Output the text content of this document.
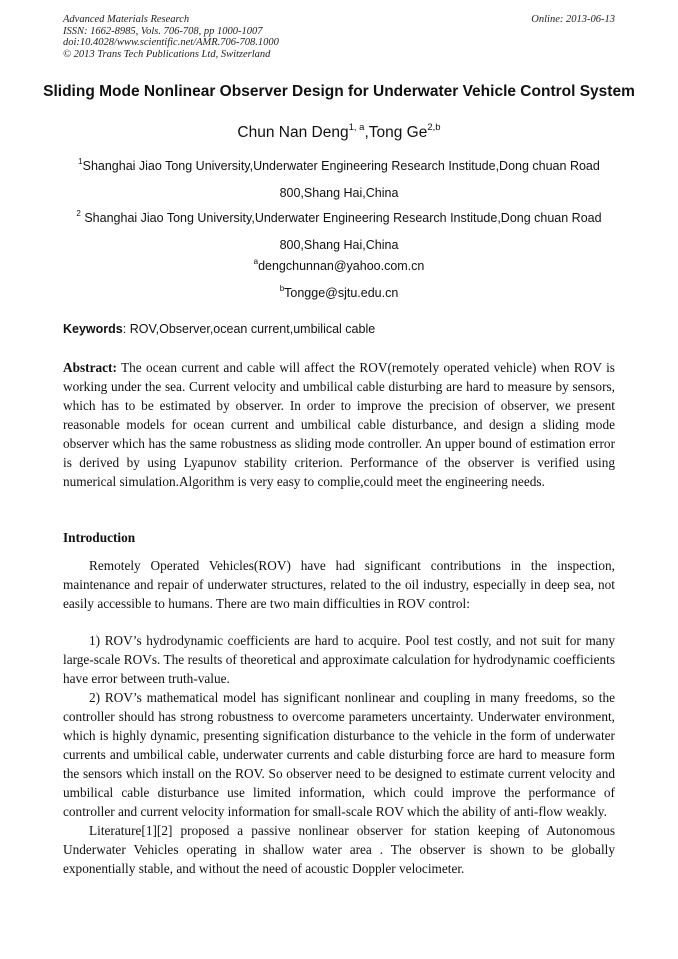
Advanced Materials Research
ISSN: 1662-8985, Vols. 706-708, pp 1000-1007
doi:10.4028/www.scientific.net/AMR.706-708.1000
© 2013 Trans Tech Publications Ltd, Switzerland
Online: 2013-06-13
Sliding Mode Nonlinear Observer Design for Underwater Vehicle Control System
Chun Nan Deng$^{1, a}$,Tong Ge$^{2,b}$
$^1$Shanghai Jiao Tong University,Underwater Engineering Research Institude,Dong chuan Road
800,Shang Hai,China
$^2$ Shanghai Jiao Tong University,Underwater Engineering Research Institude,Dong chuan Road
800,Shang Hai,China
$^a$dengchunnan@yahoo.com.cn
$^b$Tongge@sjtu.edu.cn
Keywords: ROV,Observer,ocean current,umbilical cable

Abstract: The ocean current and cable will affect the ROV(remotely operated vehicle) when ROV is working under the sea. Current velocity and umbilical cable disturbing are hard to measure by sensors, which has to be estimated by observer. In order to improve the precision of observer, we present reasonable models for ocean current and umbilical cable disturbance, and design a sliding mode observer which has the same robustness as sliding mode controller. An upper bound of estimation error is derived by using Lyapunov stability criterion. Performance of the observer is verified using numerical simulation.Algorithm is very easy to complie,could meet the engineering needs.

Introduction

Remotely Operated Vehicles(ROV) have had significant contributions in the inspection, maintenance and repair of underwater structures, related to the oil industry, especially in deep sea, not easily accessible to humans. There are two main difficulties in ROV control:

1) ROV’s hydrodynamic coefficients are hard to acquire. Pool test costly, and not suit for many large-scale ROVs. The results of theoretical and approximate calculation for hydrodynamic coefficients have error between truth-value.

2) ROV’s mathematical model has significant nonlinear and coupling in many freedoms, so the controller should has strong robustness to overcome parameters uncertainty. Underwater environment, which is highly dynamic, presenting signification disturbance to the vehicle in the form of underwater currents and umbilical cable, underwater currents and cable disturbing force are hard to measure form the sensors which install on the ROV. So observer need to be designed to estimate current velocity and umbilical cable disturbance use limited information, which could improve the performance of controller and current velocity information for small-scale ROV which the ability of anti-flow weakly.

Literature[1][2] proposed a passive nonlinear observer for station keeping of Autonomous Underwater Vehicles operating in shallow water area . The observer is shown to be globally exponentially stable, and without the need of acoustic Doppler velocimeter.
